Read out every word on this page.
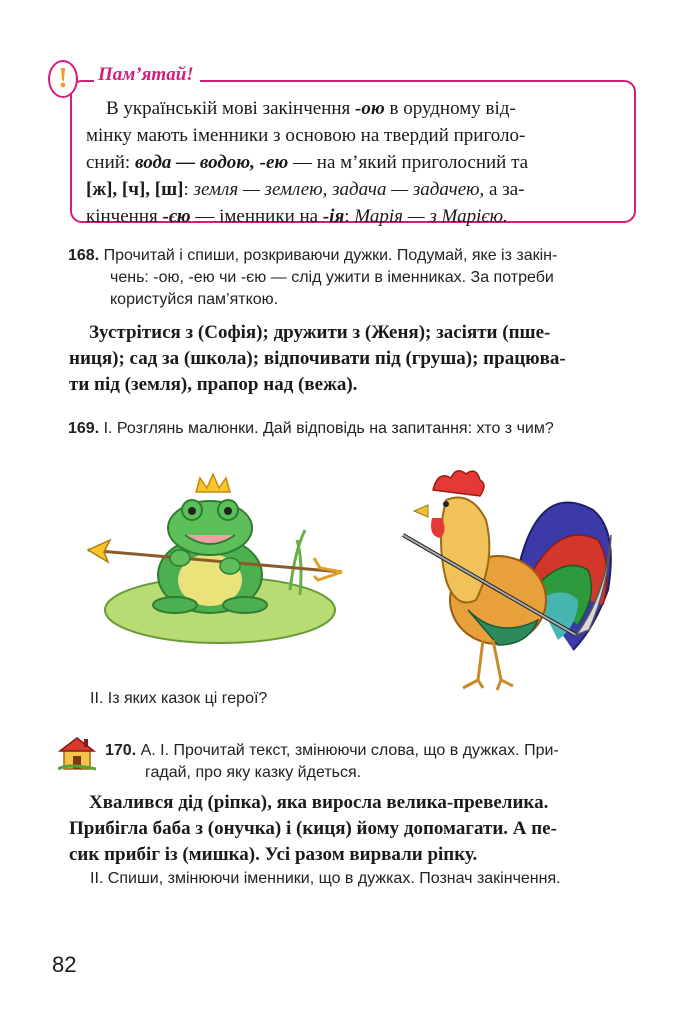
!	Пам’ятай!
В українській мові закінчення -ою в орудному від-
мінку мають іменники з основою на твердий приголо-
сний: вода — водою, -ею — на м’який приголосний та
[ж], [ч], [ш]: земля — землею, задача — задачею, а за-
кінчення -єю — іменники на -ія: Марія — з Марією.
168. Прочитай і спиши, розкриваючи дужки. Подумай, яке із закін-
чень: -ою, -ею чи -єю — слід ужити в іменниках. За потреби
користуйся пам’яткою.
Зустрітися з (Софія); дружити з (Женя); засіяти (пше-
ниця); сад за (школа); відпочивати під (груша); працюва-
ти під (земля), прапор над (вежа).
169. I. Розглянь малюнки. Дай відповідь на запитання: хто з чим?
II. Із яких казок ці герої?
170. А. I. Прочитай текст, змінюючи слова, що в дужках. При-
гадай, про яку казку йдеться.
Хвалився дід (ріпка), яка виросла велика-превелика.
Прибігла баба з (онучка) і (киця) йому допомагати. А пе-
сик прибіг із (мишка). Усі разом вирвали ріпку.
II. Спиши, змінюючи іменники, що в дужках. Познач закінчення.
82
